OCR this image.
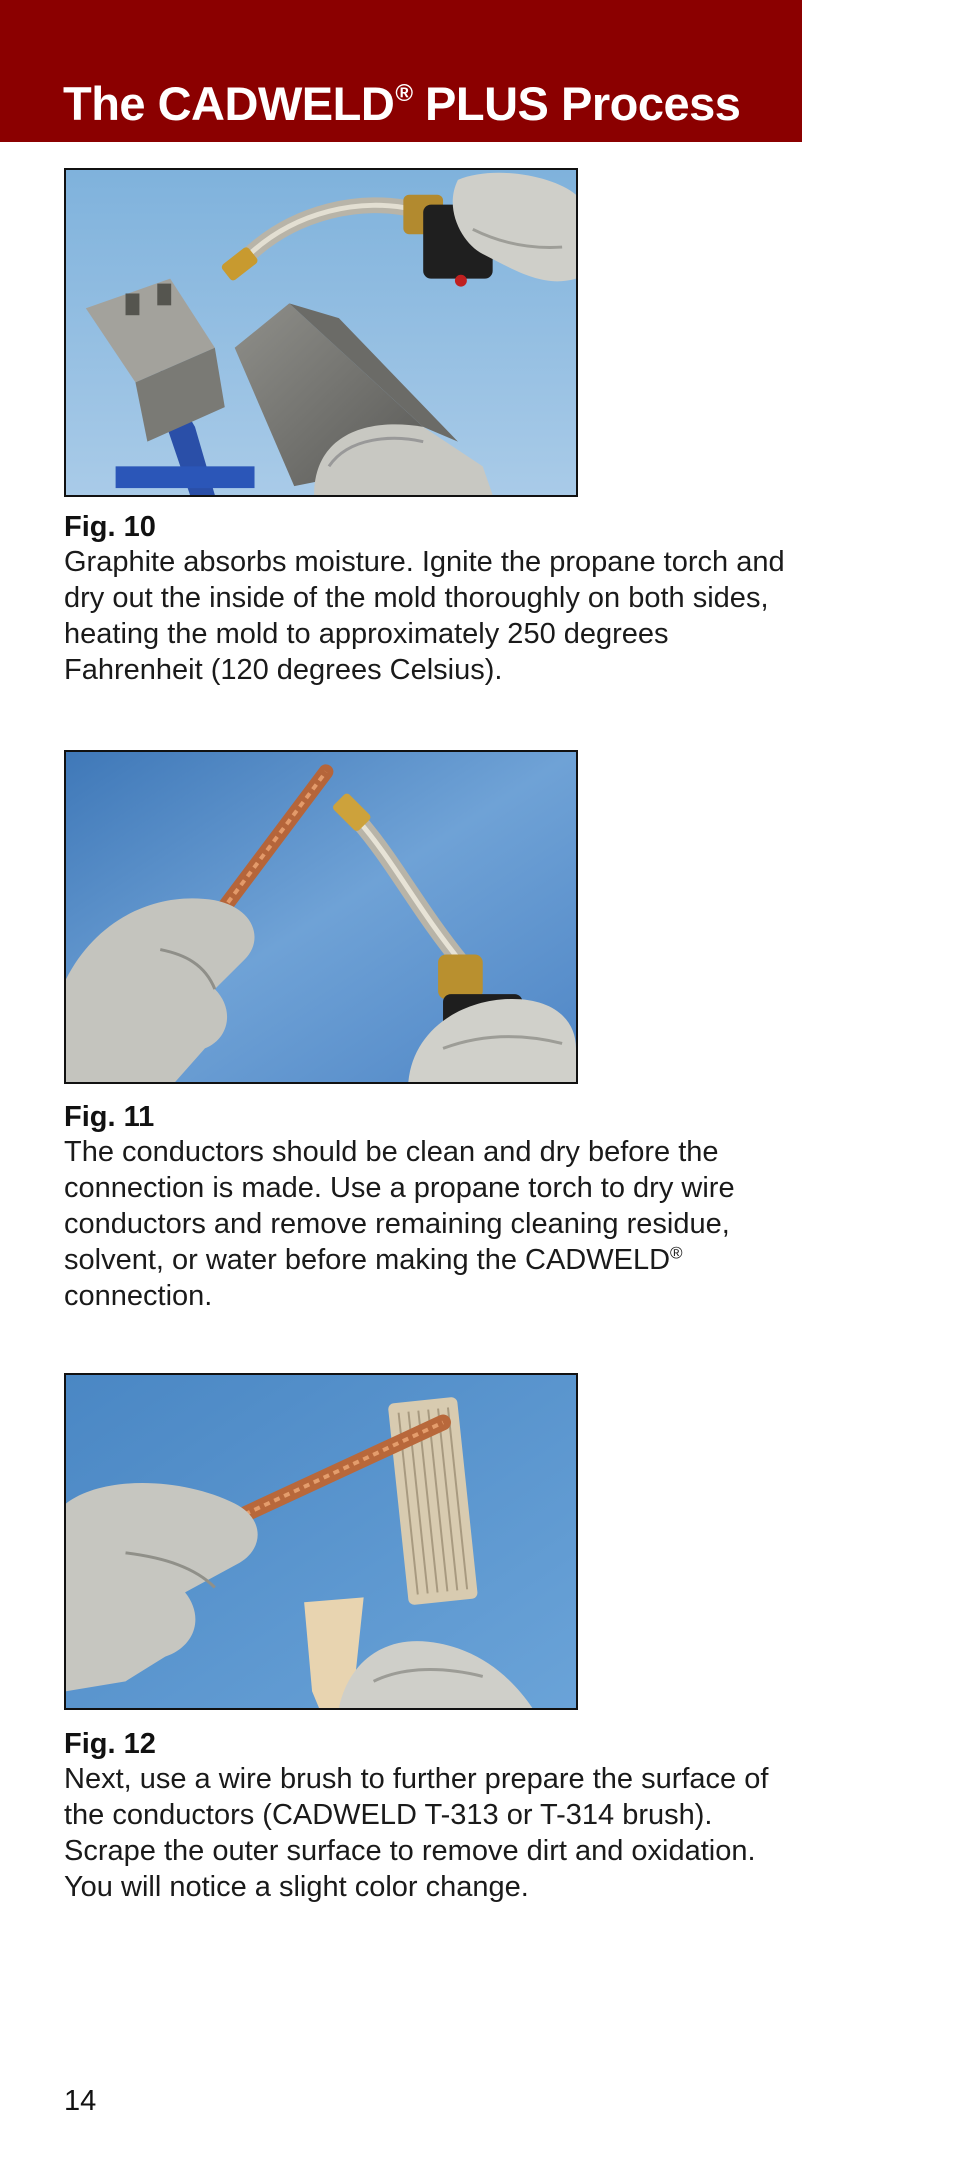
The CADWELD® PLUS Process
Fig. 10

Graphite absorbs moisture. Ignite the propane torch and dry out the inside of the mold thoroughly on both sides, heating the mold to approximately 250 degrees Fahrenheit (120 degrees Celsius).

Fig. 11

The conductors should be clean and dry before the connection is made. Use a propane torch to dry wire conductors and remove remaining cleaning residue, solvent, or water before making the CADWELD® connection.

Fig. 12

Next, use a wire brush to further prepare the surface of the conductors (CADWELD T-313 or T-314 brush). Scrape the outer surface to remove dirt and oxidation. You will notice a slight color change.

14
